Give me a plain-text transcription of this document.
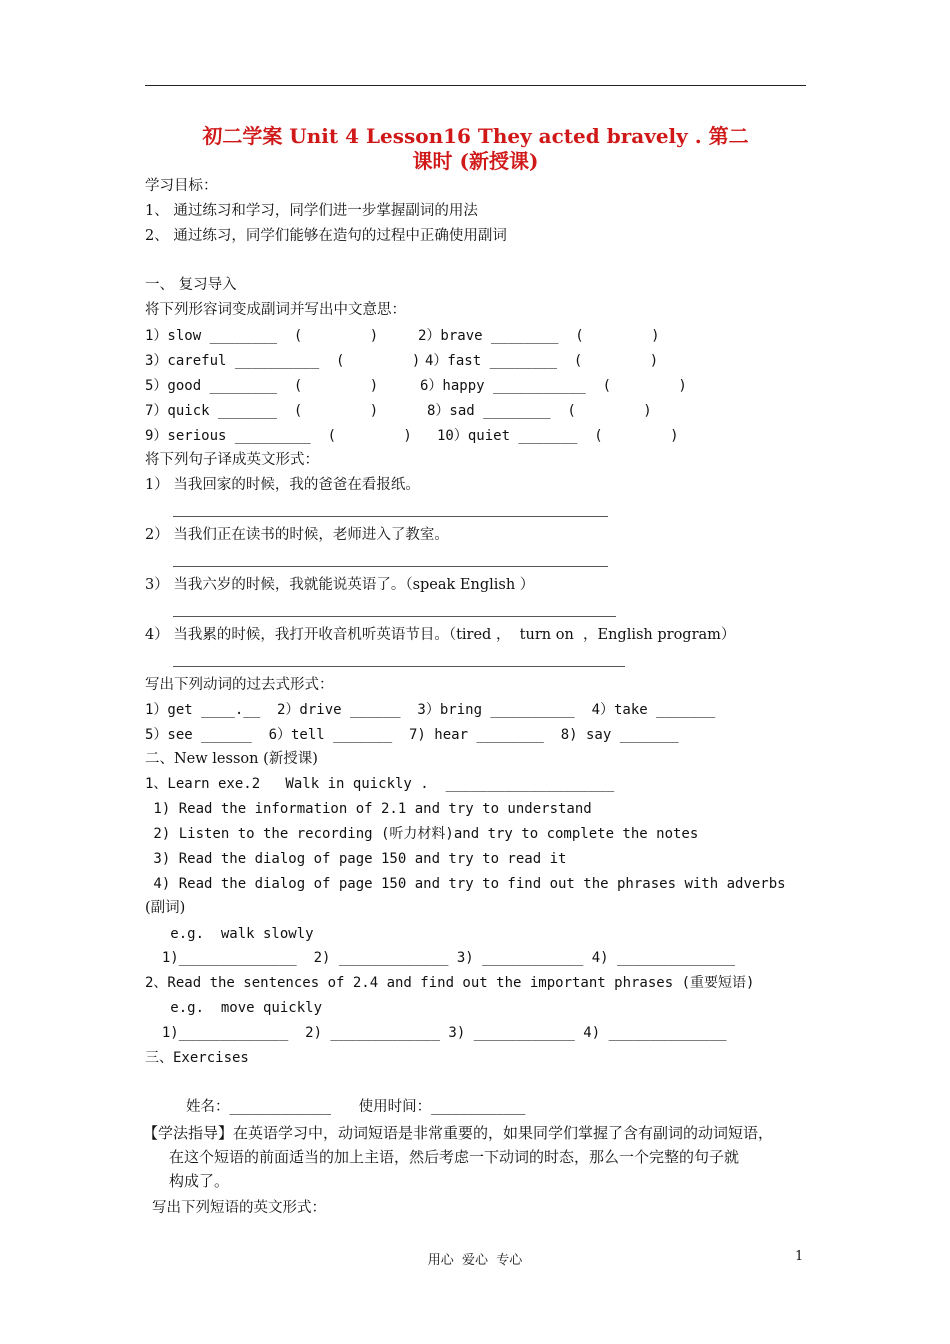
初二学案 Unit 4 Lesson16 They acted bravely . 第二
课时 (新授课)
学习目标：
1、 通过练习和学习，同学们进一步掌握副词的用法
2、 通过练习，同学们能够在造句的过程中正确使用副词
一、 复习导入
将下列形容词变成副词并写出中文意思：
1）slow ________  (        )	2）brave ________  (        )
3）careful __________  (        ) 4）fast ________  (        )
5）good ________  (        )	6）happy ___________  (        )
7）quick _______  (        )	8）sad ________  (        )
9）serious _________  (        ) 10）quiet _______  (        )
将下列句子译成英文形式：
1） 当我回家的时候，我的爸爸在看报纸。
2） 当我们正在读书的时候，老师进入了教室。
3） 当我六岁的时候，我就能说英语了。（speak English ）
4） 当我累的时候，我打开收音机听英语节目。（tired ，  turn on  ，English program）
写出下列动词的过去式形式：
1）get ____.__  2）drive ______  3）bring __________  4）take _______
5）see ______  6）tell _______  7) hear ________  8) say _______
二、New lesson (新授课)
1、Learn exe.2   Walk in quickly .  ____________________
1) Read the information of 2.1 and try to understand
2) Listen to the recording (听力材料)and try to complete the notes
3) Read the dialog of page 150 and try to read it
4) Read the dialog of page 150 and try to find out the phrases with adverbs
(副词)
e.g.  walk slowly
1)______________  2) _____________ 3) ____________ 4) ______________
2、Read the sentences of 2.4 and find out the important phrases (重要短语)
e.g.  move quickly
1)_____________  2) _____________ 3) ____________ 4) ______________
三、Exercises
姓名：______________      使用时间：_____________
【学法指导】在英语学习中，动词短语是非常重要的，如果同学们掌握了含有副词的动词短语，
在这个短语的前面适当的加上主语，然后考虑一下动词的时态，那么一个完整的句子就
构成了。
写出下列短语的英文形式：
用心  爱心  专心	1
